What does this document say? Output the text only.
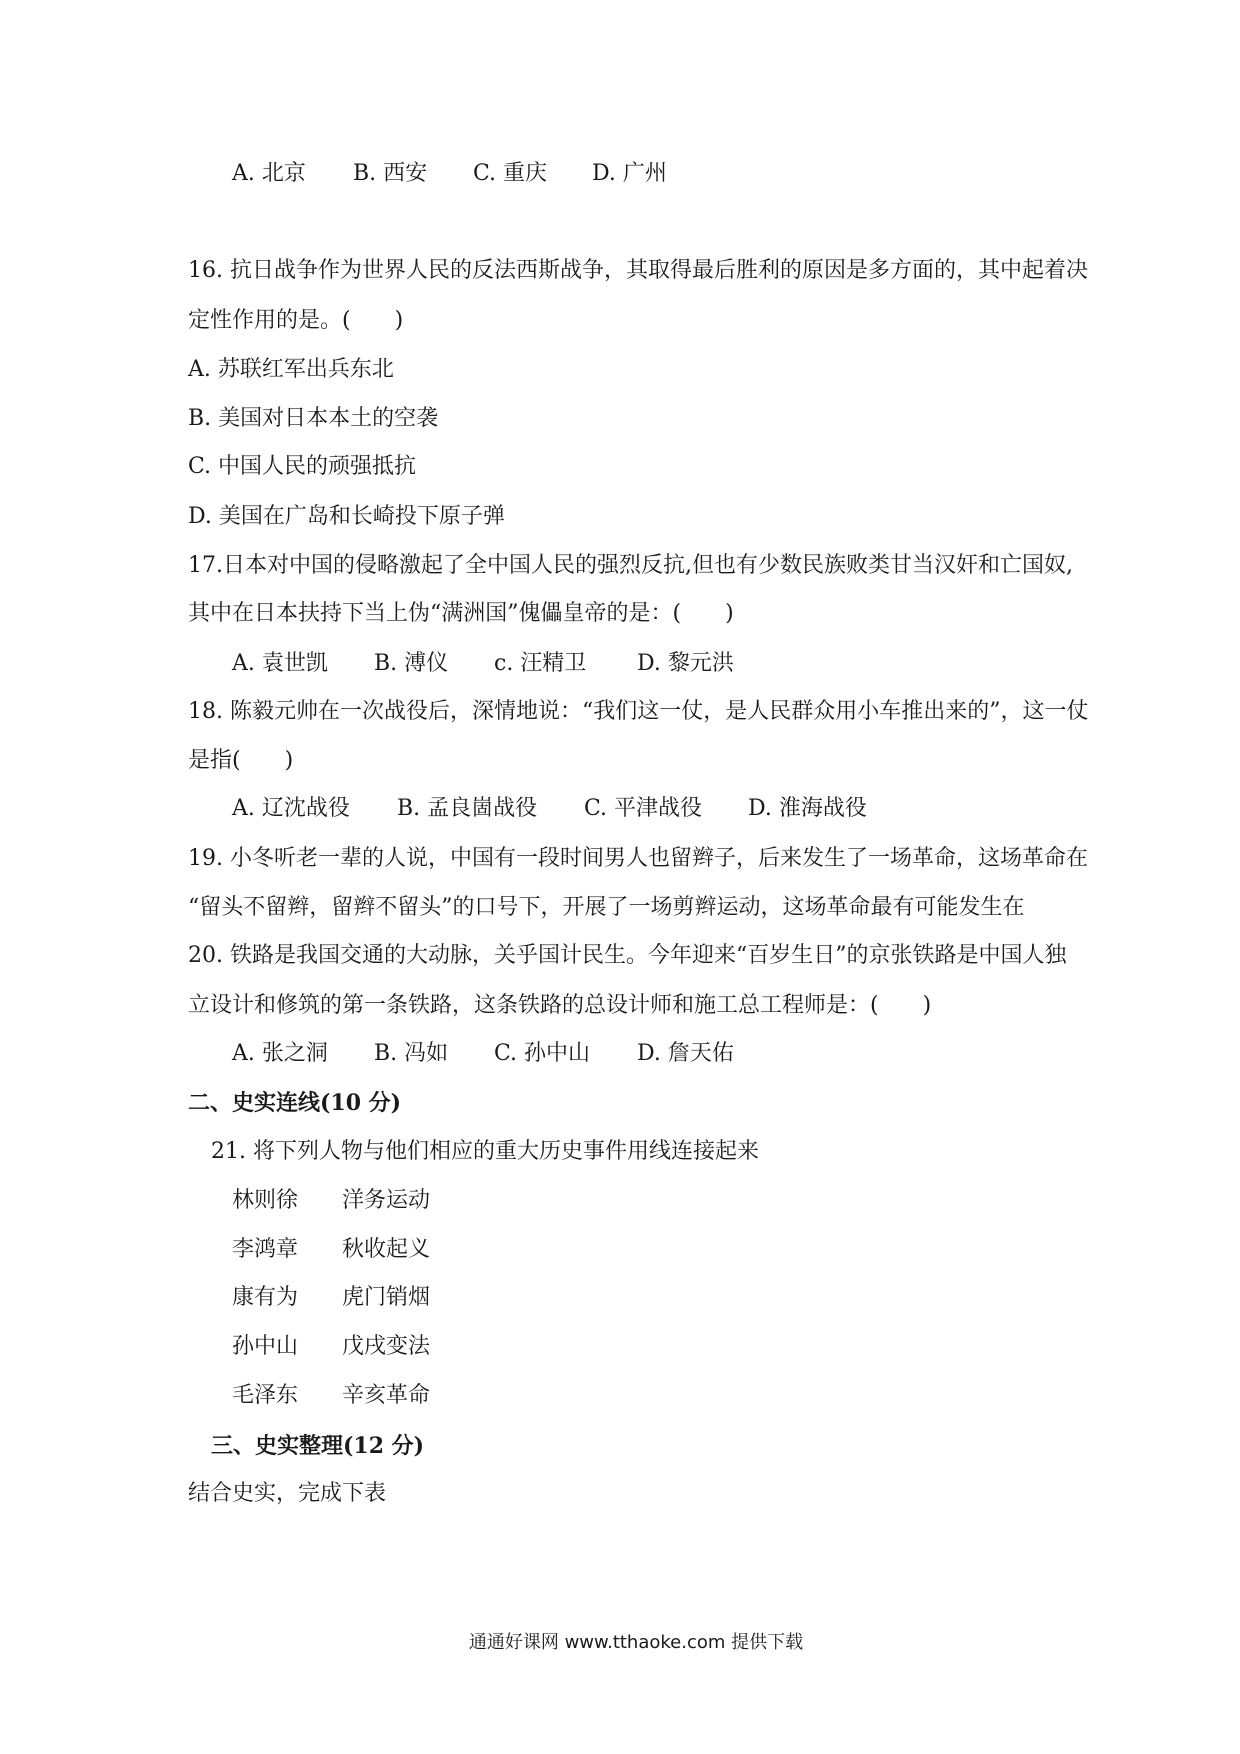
A. 北京 B. 西安 C. 重庆 D. 广州
16. 抗日战争作为世界人民的反法西斯战争，其取得最后胜利的原因是多方面的，其中起着决
定性作用的是。(　　)
A. 苏联红军出兵东北
B. 美国对日本本土的空袭
C. 中国人民的顽强抵抗
D. 美国在广岛和长崎投下原子弹
17.日本对中国的侵略激起了全中国人民的强烈反抗,但也有少数民族败类甘当汉奸和亡国奴,
其中在日本扶持下当上伪“满洲国”傀儡皇帝的是：(　　)
A. 袁世凯 B. 溥仪 c. 汪精卫 D. 黎元洪
18. 陈毅元帅在一次战役后，深情地说：“我们这一仗，是人民群众用小车推出来的”，这一仗
是指(　　)
A. 辽沈战役 B. 孟良崮战役 C. 平津战役 D. 淮海战役
19. 小冬听老一辈的人说，中国有一段时间男人也留辫子，后来发生了一场革命，这场革命在
“留头不留辫，留辫不留头”的口号下，开展了一场剪辫运动，这场革命最有可能发生在
20. 铁路是我国交通的大动脉，关乎国计民生。今年迎来“百岁生日”的京张铁路是中国人独
立设计和修筑的第一条铁路，这条铁路的总设计师和施工总工程师是：(　　)
A. 张之洞 B. 冯如 C. 孙中山 D. 詹天佑
二、史实连线(10 分)
21. 将下列人物与他们相应的重大历史事件用线连接起来
林则徐 洋务运动
李鸿章 秋收起义
康有为 虎门销烟
孙中山 戊戌变法
毛泽东 辛亥革命
三、史实整理(12 分)
结合史实，完成下表
通通好课网 www.tthaoke.com 提供下载
